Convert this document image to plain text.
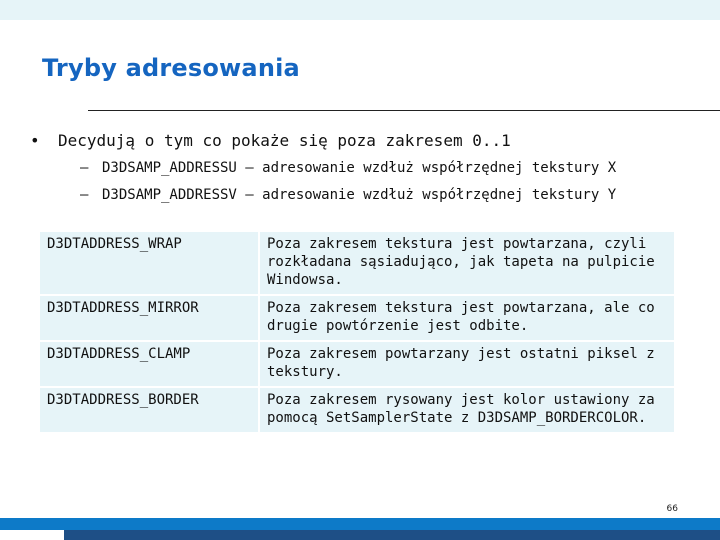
Tryby adresowania
• Decydują o tym co pokaże się poza zakresem 0..1
– D3DSAMP_ADDRESSU – adresowanie wzdłuż współrzędnej tekstury X
– D3DSAMP_ADDRESSV – adresowanie wzdłuż współrzędnej tekstury Y
D3DTADDRESS_WRAP	Poza zakresem tekstura jest powtarzana, czyli rozkładana sąsiadująco, jak tapeta na pulpicie Windowsa.
D3DTADDRESS_MIRROR	Poza zakresem tekstura jest powtarzana, ale co drugie powtórzenie jest odbite.
D3DTADDRESS_CLAMP	Poza zakresem powtarzany jest ostatni piksel z tekstury.
D3DTADDRESS_BORDER	Poza zakresem rysowany jest kolor ustawiony za pomocą SetSamplerState z D3DSAMP_BORDERCOLOR.
66
